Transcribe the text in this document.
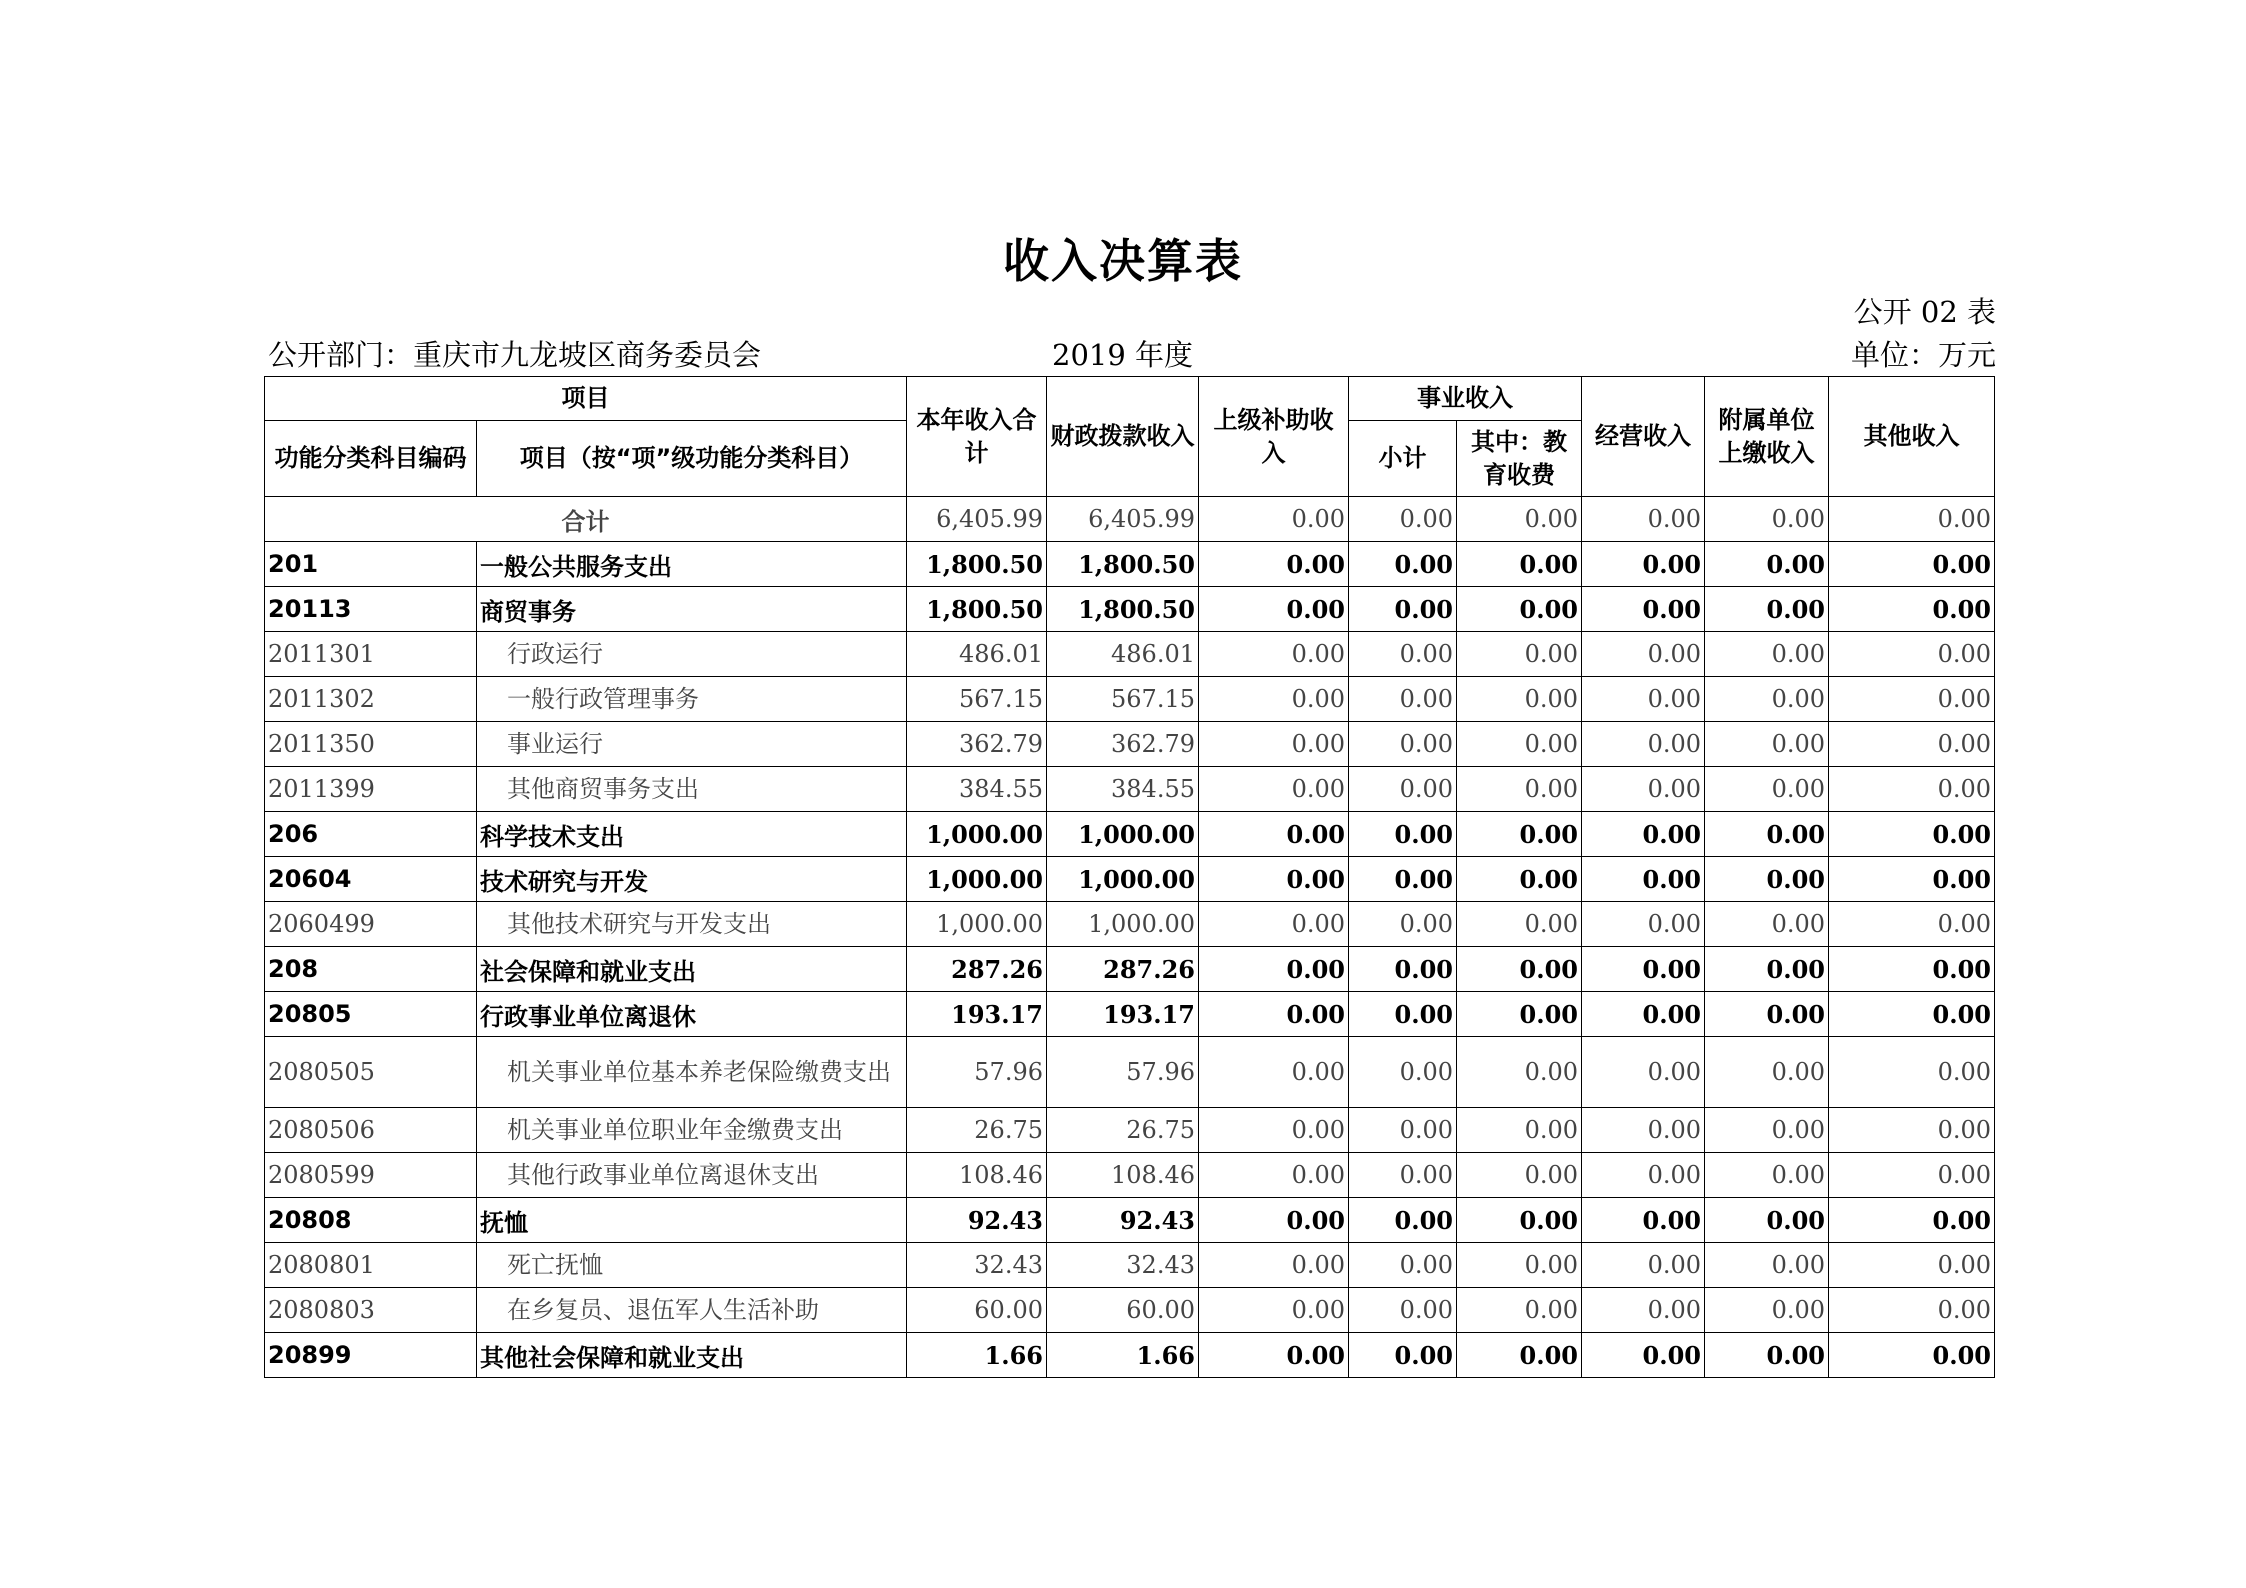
收入决算表
公开 02 表
公开部门：重庆市九龙坡区商务委员会	2019 年度	单位：万元
项目		本年收入合计	财政拨款收入	上级补助收入	事业收入		经营收入	附属单位上缴收入	其他收入
功能分类科目编码	项目（按“项”级功能分类科目）				小计	其中：教育收费			
合计		6,405.99	6,405.99	0.00	0.00	0.00	0.00	0.00	0.00
201	一般公共服务支出	1,800.50	1,800.50	0.00	0.00	0.00	0.00	0.00	0.00
20113	商贸事务	1,800.50	1,800.50	0.00	0.00	0.00	0.00	0.00	0.00
2011301	行政运行	486.01	486.01	0.00	0.00	0.00	0.00	0.00	0.00
2011302	一般行政管理事务	567.15	567.15	0.00	0.00	0.00	0.00	0.00	0.00
2011350	事业运行	362.79	362.79	0.00	0.00	0.00	0.00	0.00	0.00
2011399	其他商贸事务支出	384.55	384.55	0.00	0.00	0.00	0.00	0.00	0.00
206	科学技术支出	1,000.00	1,000.00	0.00	0.00	0.00	0.00	0.00	0.00
20604	技术研究与开发	1,000.00	1,000.00	0.00	0.00	0.00	0.00	0.00	0.00
2060499	其他技术研究与开发支出	1,000.00	1,000.00	0.00	0.00	0.00	0.00	0.00	0.00
208	社会保障和就业支出	287.26	287.26	0.00	0.00	0.00	0.00	0.00	0.00
20805	行政事业单位离退休	193.17	193.17	0.00	0.00	0.00	0.00	0.00	0.00
2080505	机关事业单位基本养老保险缴费支出	57.96	57.96	0.00	0.00	0.00	0.00	0.00	0.00
2080506	机关事业单位职业年金缴费支出	26.75	26.75	0.00	0.00	0.00	0.00	0.00	0.00
2080599	其他行政事业单位离退休支出	108.46	108.46	0.00	0.00	0.00	0.00	0.00	0.00
20808	抚恤	92.43	92.43	0.00	0.00	0.00	0.00	0.00	0.00
2080801	死亡抚恤	32.43	32.43	0.00	0.00	0.00	0.00	0.00	0.00
2080803	在乡复员、退伍军人生活补助	60.00	60.00	0.00	0.00	0.00	0.00	0.00	0.00
20899	其他社会保障和就业支出	1.66	1.66	0.00	0.00	0.00	0.00	0.00	0.00
